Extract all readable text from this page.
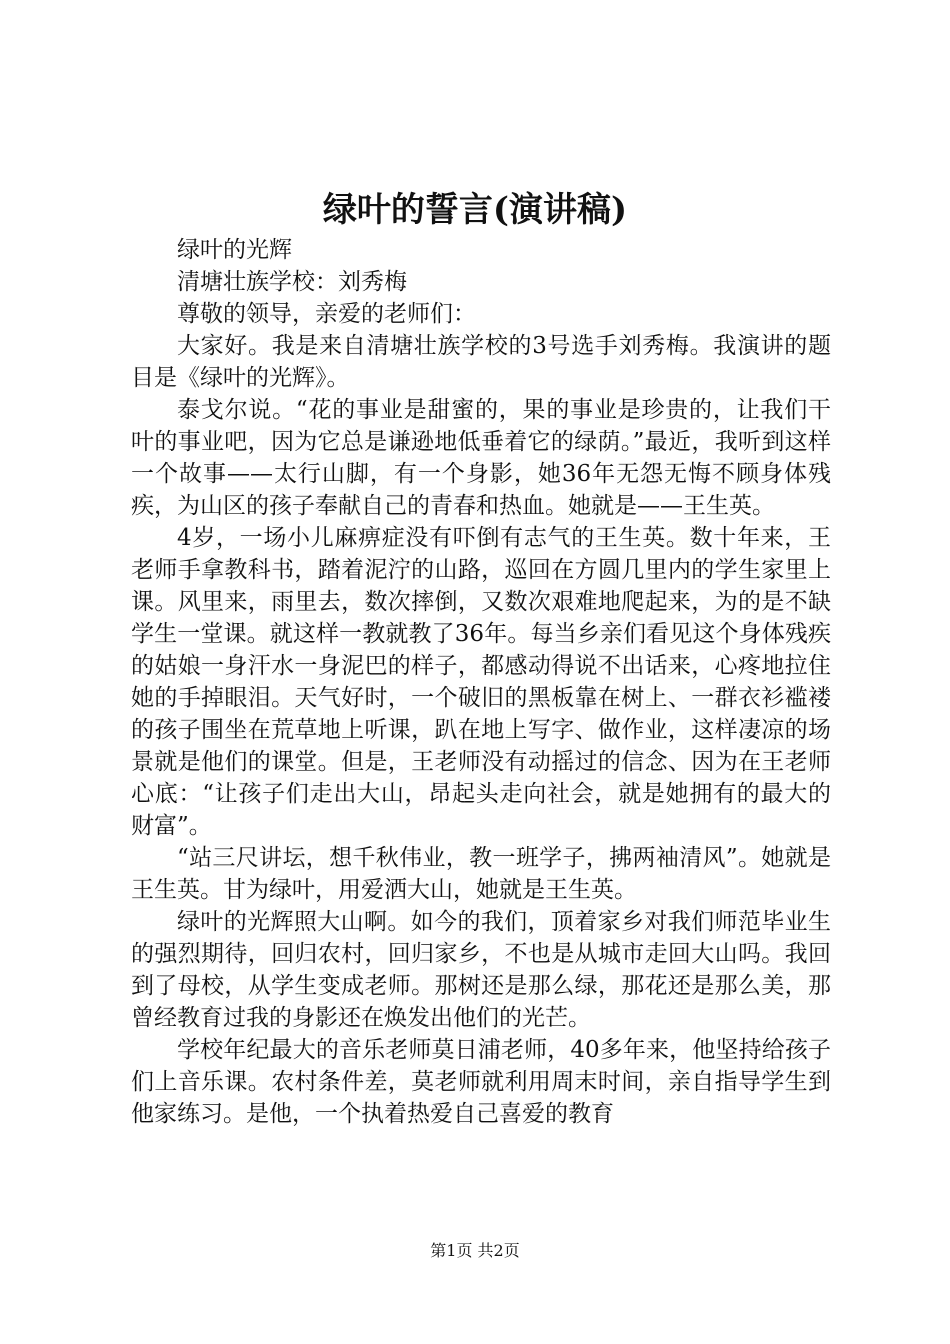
绿叶的誓言(演讲稿)

绿叶的光辉

清塘壮族学校：刘秀梅

尊敬的领导，亲爱的老师们：

大家好。我是来自清塘壮族学校的3号选手刘秀梅。我演讲的题目是《绿叶的光辉》。

泰戈尔说。“花的事业是甜蜜的，果的事业是珍贵的，让我们干叶的事业吧，因为它总是谦逊地低垂着它的绿荫。”最近，我听到这样一个故事——太行山脚，有一个身影，她36年无怨无悔不顾身体残疾，为山区的孩子奉献自己的青春和热血。她就是——王生英。

4岁，一场小儿麻痹症没有吓倒有志气的王生英。数十年来，王老师手拿教科书，踏着泥泞的山路，巡回在方圆几里内的学生家里上课。风里来，雨里去，数次摔倒，又数次艰难地爬起来，为的是不缺学生一堂课。就这样一教就教了36年。每当乡亲们看见这个身体残疾的姑娘一身汗水一身泥巴的样子，都感动得说不出话来，心疼地拉住她的手掉眼泪。天气好时，一个破旧的黑板靠在树上、一群衣衫褴褛的孩子围坐在荒草地上听课，趴在地上写字、做作业，这样凄凉的场景就是他们的课堂。但是，王老师没有动摇过的信念、因为在王老师心底：“让孩子们走出大山，昂起头走向社会，就是她拥有的最大的财富”。

“站三尺讲坛，想千秋伟业，教一班学子，拂两袖清风”。她就是王生英。甘为绿叶，用爱洒大山，她就是王生英。

绿叶的光辉照大山啊。如今的我们，顶着家乡对我们师范毕业生的强烈期待，回归农村，回归家乡，不也是从城市走回大山吗。我回到了母校，从学生变成老师。那树还是那么绿，那花还是那么美，那曾经教育过我的身影还在焕发出他们的光芒。

学校年纪最大的音乐老师莫日浦老师，40多年来，他坚持给孩子们上音乐课。农村条件差，莫老师就利用周末时间，亲自指导学生到他家练习。是他，一个执着热爱自己喜爱的教育

第1页 共2页
